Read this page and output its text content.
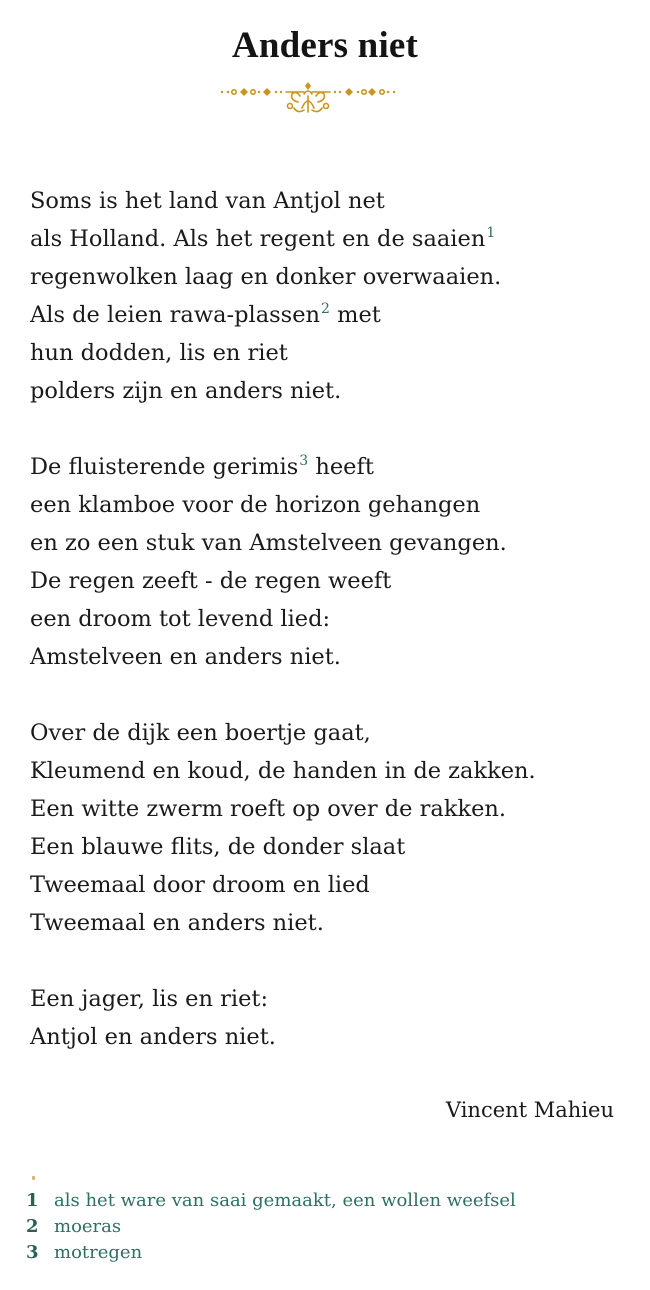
Anders niet
Soms is het land van Antjol net
als Holland. Als het regent en de saaien$^1$
regenwolken laag en donker overwaaien.
Als de leien rawa-plassen$^2$ met
hun dodden, lis en riet
polders zijn en anders niet.
De fluisterende gerimis$^3$ heeft
een klamboe voor de horizon gehangen
en zo een stuk van Amstelveen gevangen.
De regen zeeft - de regen weeft
een droom tot levend lied:
Amstelveen en anders niet.
Over de dijk een boertje gaat,
Kleumend en koud, de handen in de zakken.
Een witte zwerm roeft op over de rakken.
Een blauwe flits, de donder slaat
Tweemaal door droom en lied
Tweemaal en anders niet.
Een jager, lis en riet:
Antjol en anders niet.
Vincent Mahieu
1 als het ware van saai gemaakt, een wollen weefsel
2 moeras
3 motregen
